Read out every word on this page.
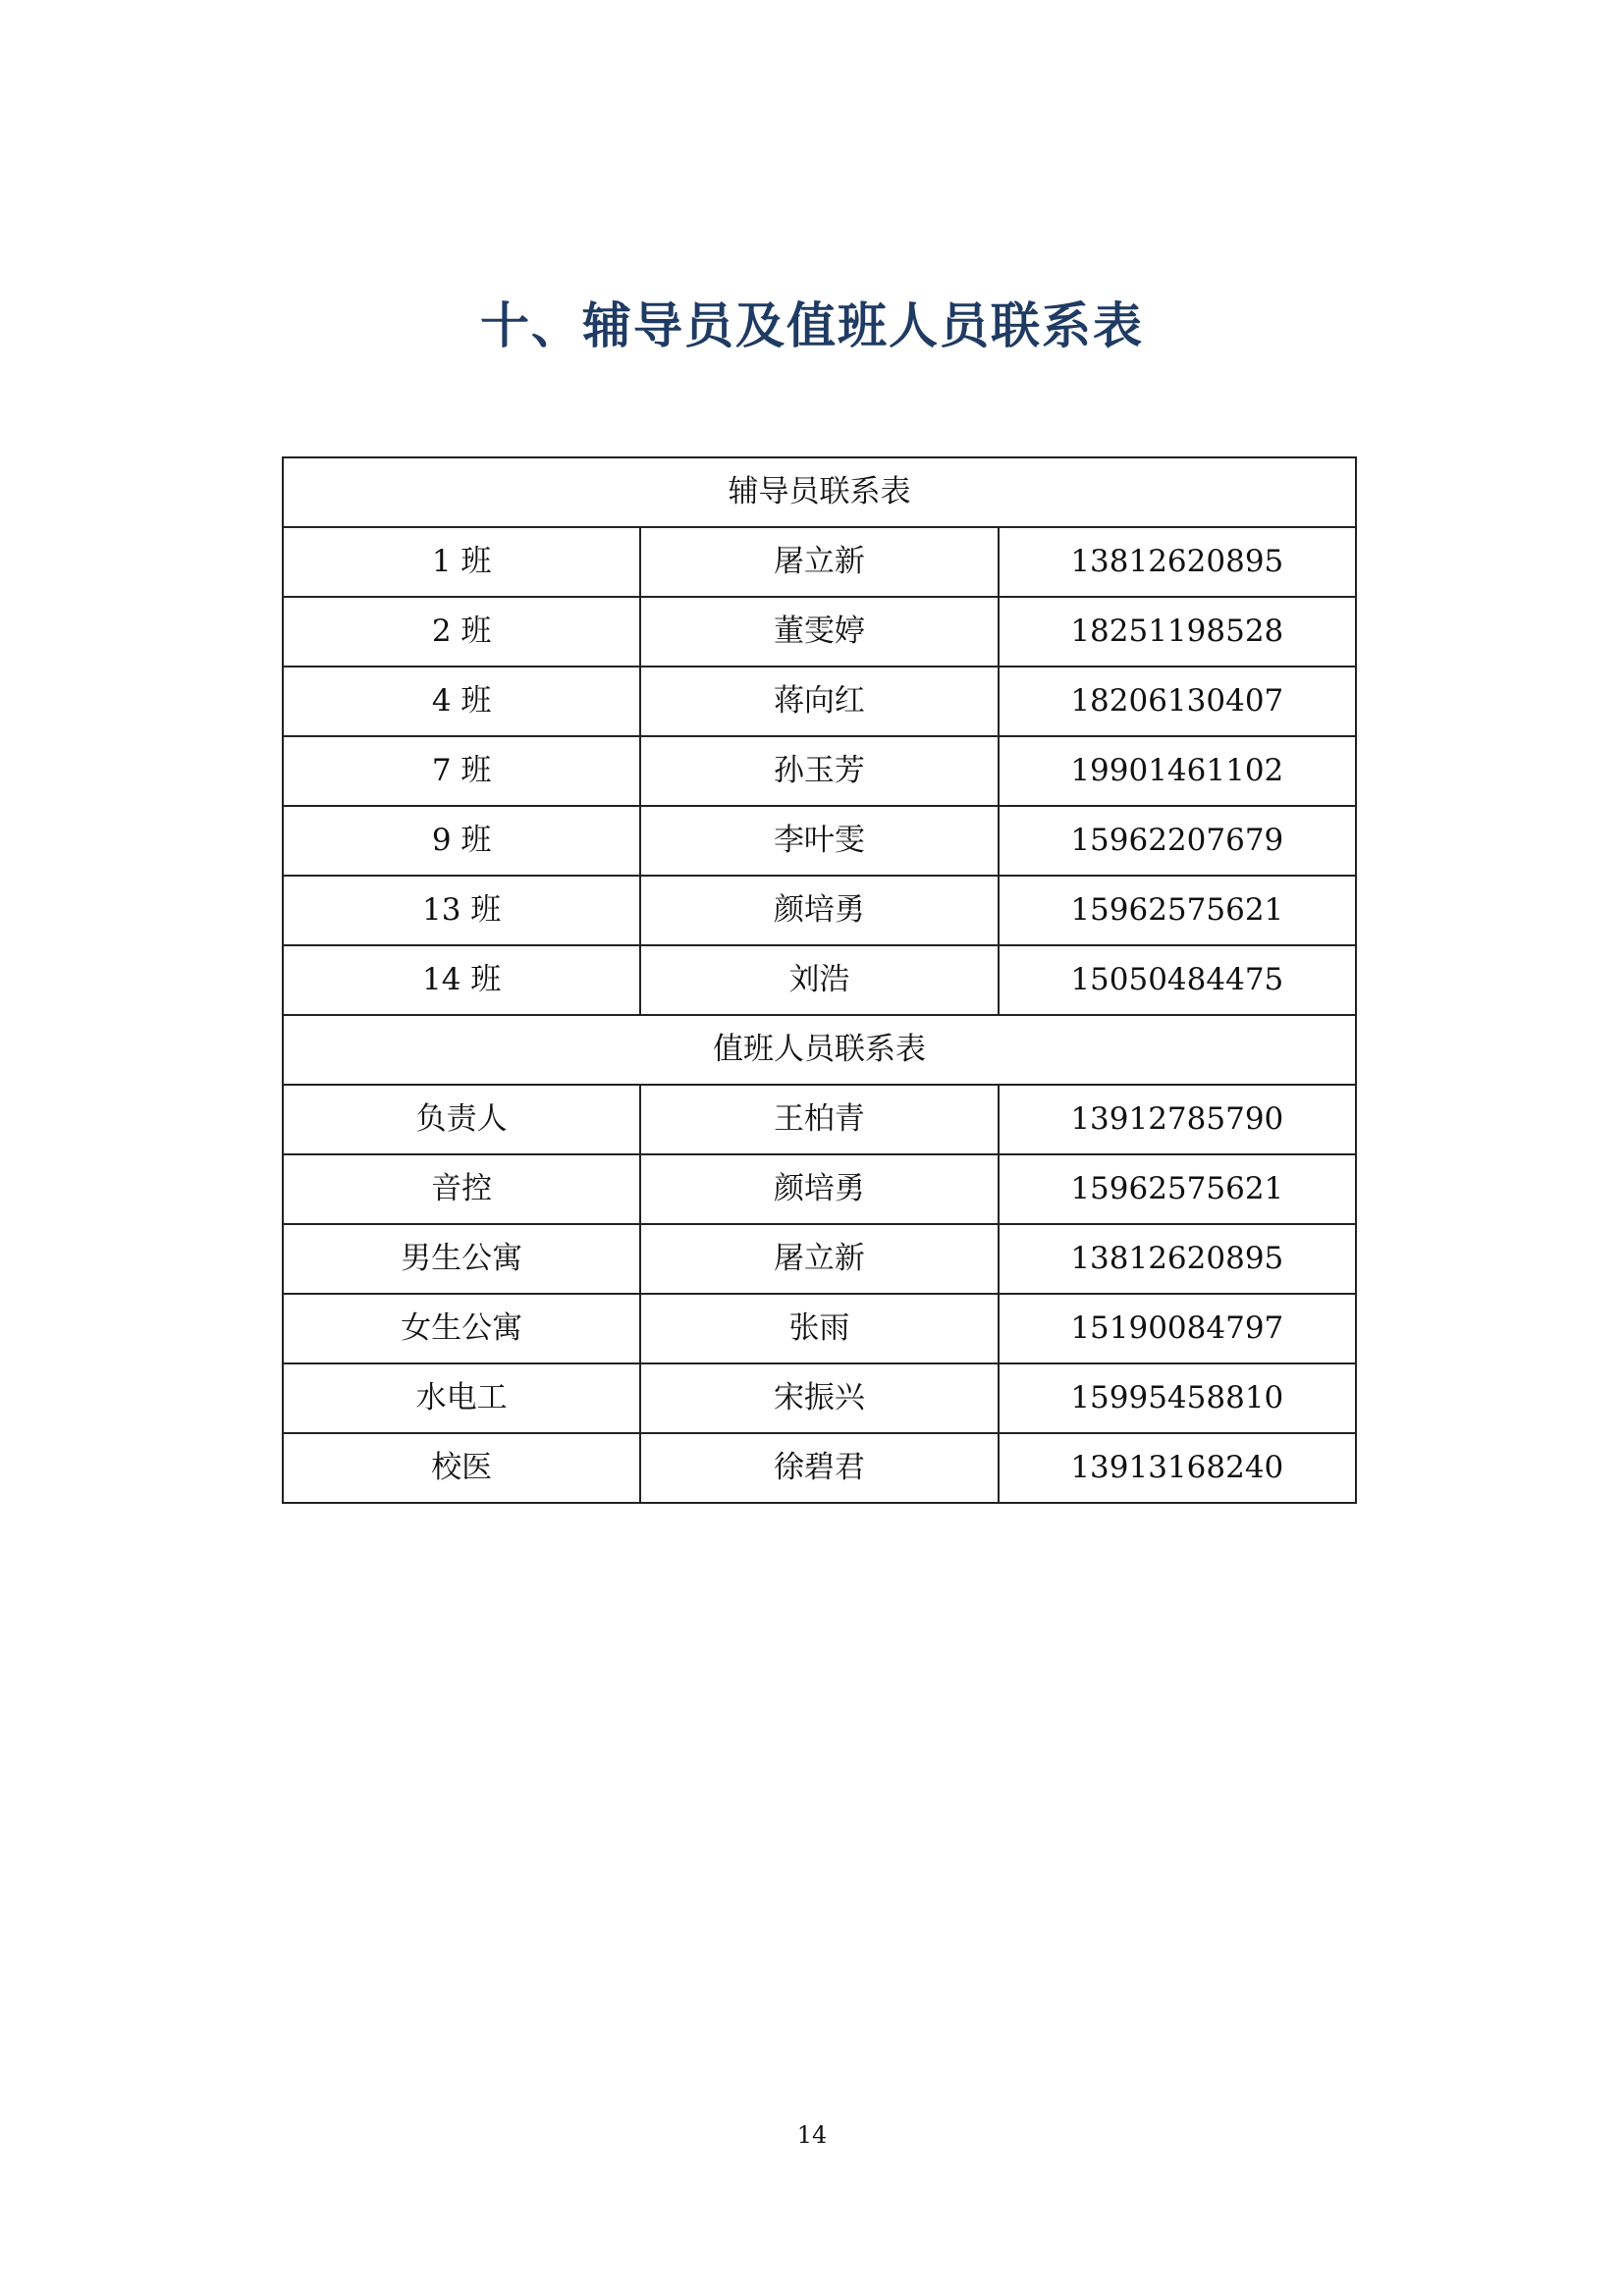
十、辅导员及值班人员联系表
辅导员联系表		
1 班	屠立新	13812620895
2 班	董雯婷	18251198528
4 班	蒋向红	18206130407
7 班	孙玉芳	19901461102
9 班	李叶雯	15962207679
13 班	颜培勇	15962575621
14 班	刘浩	15050484475
值班人员联系表		
负责人	王柏青	13912785790
音控	颜培勇	15962575621
男生公寓	屠立新	13812620895
女生公寓	张雨	15190084797
水电工	宋振兴	15995458810
校医	徐碧君	13913168240
14
